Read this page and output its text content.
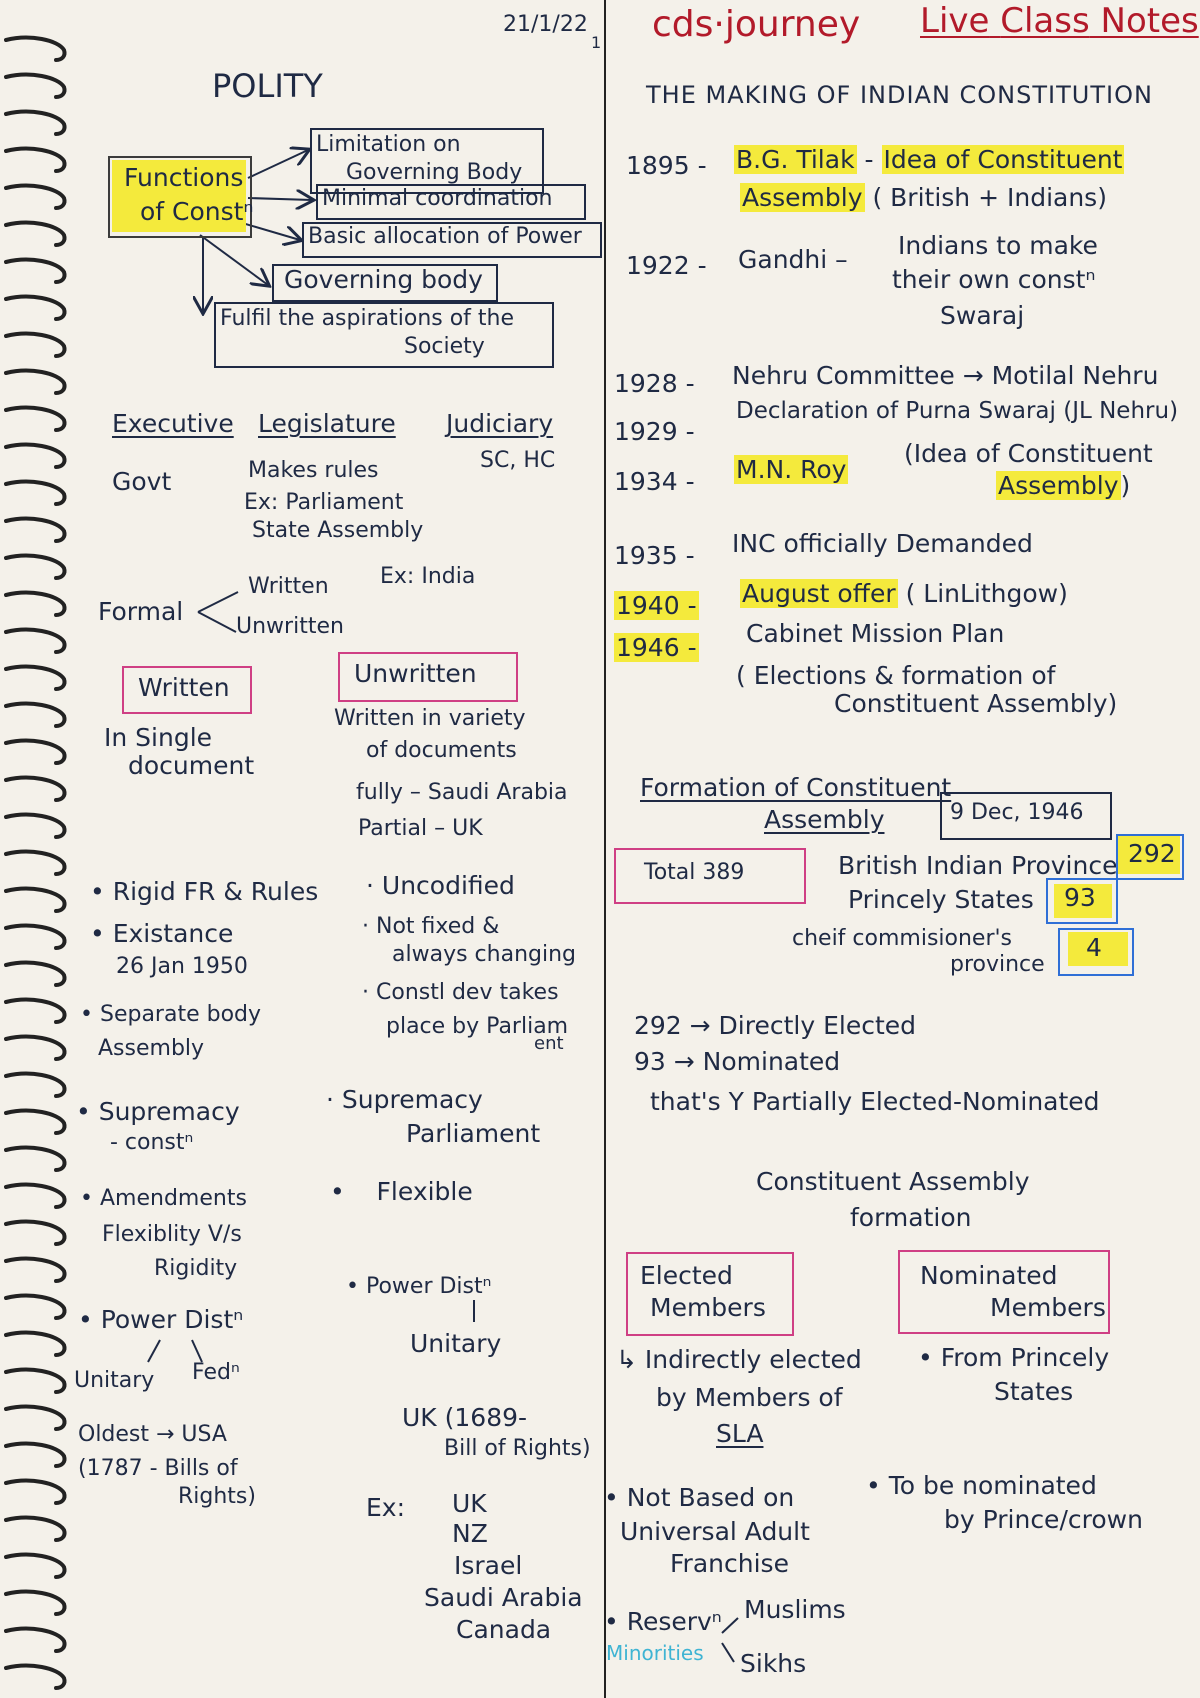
21/1/22
1
POLITY
Functions
of Constⁿ
Limitation on
Governing Body
Minimal coordination
Basic allocation of Power
Governing body
Fulfil the aspirations of the
Society
Executive
Govt
Legislature
Makes rules
Ex: Parliament
State Assembly
Judiciary
SC, HC
Formal
Written
Unwritten
Ex: India
Written	Unwritten
In Single
document
Written in variety
of documents
fully – Saudi Arabia
Partial – UK
• Rigid FR & Rules
• Existance
26 Jan 1950
• Separate body
Assembly
• Supremacy
- constⁿ
• Amendments
Flexiblity V/s
Rigidity
• Power Distⁿ
Unitary Fedⁿ
Oldest → USA
(1787 - Bills of
Rights)
· Uncodified
· Not fixed &
always changing
· Constl dev takes
place by Parliam
ent
· Supremacy
Parliament
•    Flexible
• Power Distⁿ
Unitary
UK (1689-
Bill of Rights)
Ex: UK
NZ
Israel
Saudi Arabia
Canada
cds·journey Live Class Notes
THE MAKING OF INDIAN CONSTITUTION
1895 - B.G. Tilak - Idea of Constituent
Assembly ( British + Indians)
1922 - Gandhi – Indians to make
their own constⁿ
Swaraj
1928 - Nehru Committee → Motilal Nehru
1929 -
Declaration of Purna Swaraj (JL Nehru)
1934 - M.N. Roy
(Idea of Constituent
Assembly)
1935 - INC officially Demanded
1940 - August offer ( LinLithgow)
1946 - Cabinet Mission Plan
( Elections & formation of
Constituent Assembly)
Formation of Constituent
Assembly	9 Dec, 1946
Total 389	British Indian Province 292
Princely States 93
cheif commisioner's
province
4
292 → Directly Elected
93 → Nominated
that's Y Partially Elected-Nominated
Constituent Assembly
formation
Elected
Members
Nominated
Members
↳ Indirectly elected
by Members of
SLA
• From Princely
States
• Not Based on
Universal Adult
Franchise
• To be nominated
by Prince/crown
• Reservⁿ
Minorities
Muslims
Sikhs
